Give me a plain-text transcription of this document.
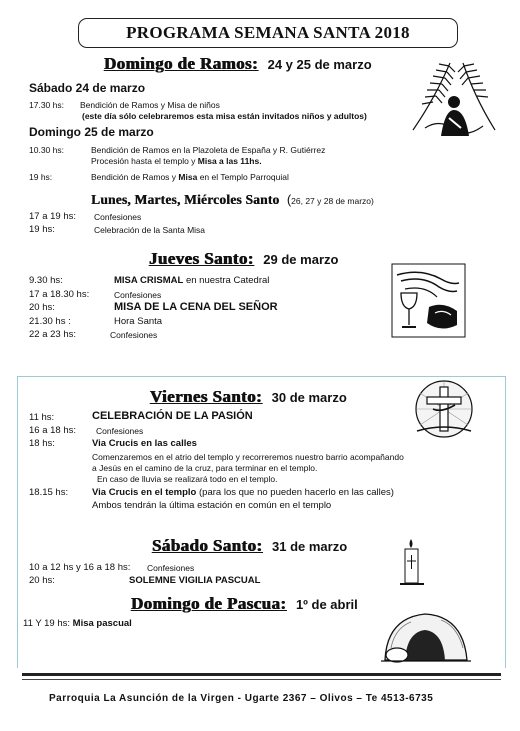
PROGRAMA SEMANA SANTA 2018
Domingo de Ramos: 24 y 25 de marzo
Sábado 24 de marzo
17.30 hs: Bendición de Ramos y Misa de niños
(este día sólo celebraremos esta misa están invitados niños y adultos)
Domingo 25 de marzo
10.30 hs:	Bendición de Ramos en la Plazoleta de España y R. Gutiérrez
Procesión hasta el templo y Misa a las 11hs.
19 hs:	Bendición de Ramos y Misa en el Templo Parroquial
Lunes, Martes, Miércoles Santo (26, 27 y 28 de marzo)
17 a 19 hs: Confesiones
19 hs:	Celebración de la Santa Misa
Jueves Santo: 29 de marzo
9.30 hs:	MISA CRISMAL en nuestra Catedral
17 a 18.30 hs:	Confesiones
20 hs:	MISA DE LA CENA DEL SEÑOR
21.30 hs :	Hora Santa
22 a 23 hs:	Confesiones
Viernes Santo: 30 de marzo
11 hs:	CELEBRACIÓN DE LA PASIÓN
16 a 18 hs: Confesiones
18 hs:	Via Crucis en las calles
Comenzaremos en el atrio del templo y recorreremos nuestro barrio acompañando
a Jesús en el camino de la cruz, para terminar en el templo.
En caso de lluvia se realizará todo en el templo.
18.15 hs:	Via Crucis en el templo (para los que no pueden hacerlo en las calles)
Ambos tendrán la última estación en común en el templo
Sábado Santo: 31 de marzo
10 a 12 hs y 16 a 18 hs: Confesiones
20 hs:	SOLEMNE VIGILIA PASCUAL
Domingo de Pascua: 1º de abril
11 Y 19 hs: Misa pascual
Parroquia La Asunción de la Virgen - Ugarte 2367 – Olivos – Te 4513-6735
